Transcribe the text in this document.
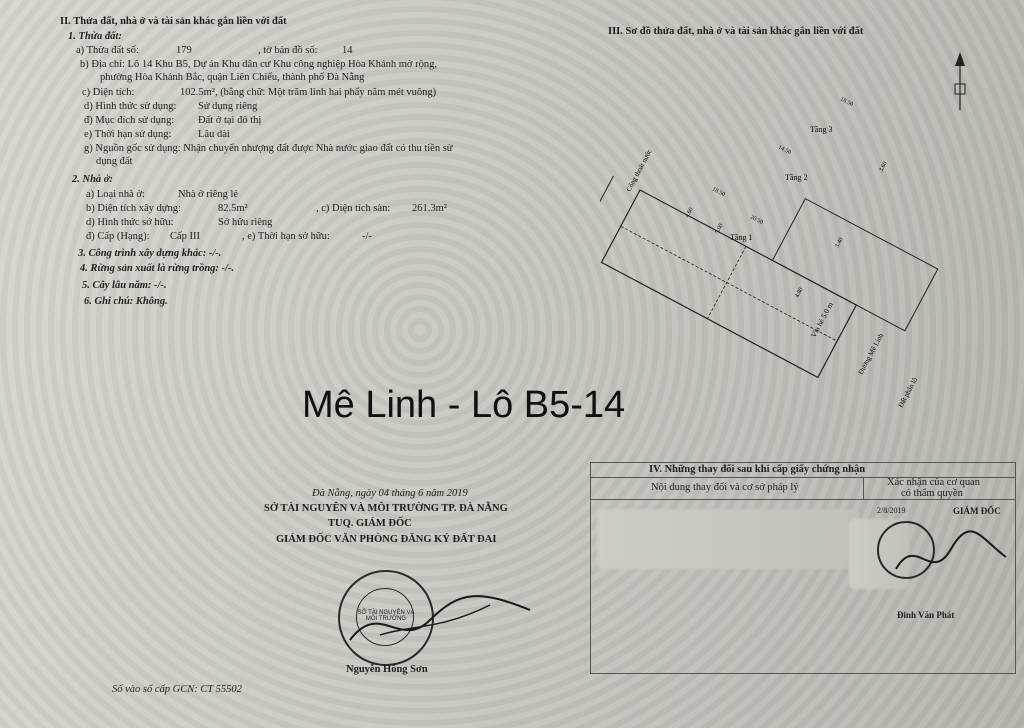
II. Thửa đất, nhà ở và tài sản khác gắn liền với đất
1. Thửa đất:
a) Thửa đất số:	179	, tờ bản đồ số: 14
b) Địa chỉ: Lô 14 Khu B5, Dự án Khu dân cư Khu công nghiệp Hòa Khánh mở rộng,
phường Hòa Khánh Bắc, quận Liên Chiểu, thành phố Đà Nẵng
c) Diện tích:	102.5m², (bằng chữ: Một trăm linh hai phẩy năm mét vuông)
d) Hình thức sử dụng: Sử dụng riêng
đ) Mục đích sử dụng: Đất ở tại đô thị
e) Thời hạn sử dụng:	Lâu dài
g) Nguồn gốc sử dụng: Nhận chuyển nhượng đất được Nhà nước giao đất có thu tiền sử
dụng đất
2. Nhà ở:
a) Loại nhà ở:	Nhà ở riêng lẻ
b) Diện tích xây dựng:	82.5m²	, c) Diện tích sàn: 261.3m²
d) Hình thức sở hữu:	Sở hữu riêng
đ) Cấp (Hạng): Cấp III	, e) Thời hạn sở hữu:	-/-
3. Công trình xây dựng khác: -/-.
4. Rừng sản xuất là rừng trồng: -/-.
5. Cây lâu năm: -/-.
6. Ghi chú: Không.
III. Sơ đồ thửa đất, nhà ở và tài sản khác gắn liền với đất
Tầng 3
Tầng 2
Tầng 1
Cổng thoát nước
Vỉa hè 5.0 m
Đường Mê Linh
Đất phân lô
18.50
14.50
4.60
5.00
18.50
20.50
4.80
3.60
3.40
Mê Linh - Lô B5-14
Đà Nẵng, ngày 04 tháng 6 năm 2019
SỞ TÀI NGUYÊN VÀ MÔI TRƯỜNG TP. ĐÀ NẴNG
TUQ. GIÁM ĐỐC
GIÁM ĐỐC VĂN PHÒNG ĐĂNG KÝ ĐẤT ĐAI
SỞ TÀI NGUYÊN VÀ MÔI TRƯỜNG
Nguyễn Hồng Sơn
Số vào sổ cấp GCN: CT 55502
IV. Những thay đổi sau khi cấp giấy chứng nhận
Nội dung thay đổi và cơ sở pháp lý	Xác nhận của cơ quan
có thẩm quyền
2/8/2019	GIÁM ĐỐC
Đinh Văn Phát
